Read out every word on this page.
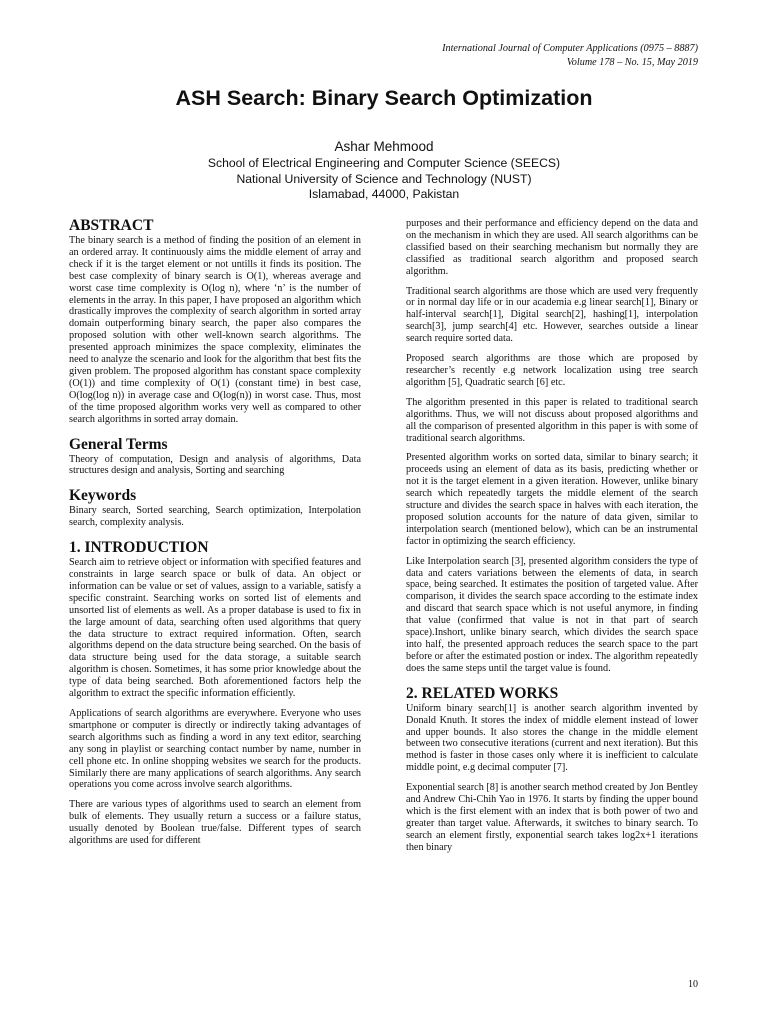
International Journal of Computer Applications (0975 – 8887)
Volume 178 – No. 15, May 2019
ASH Search: Binary Search Optimization
Ashar Mehmood
School of Electrical Engineering and Computer Science (SEECS)
National University of Science and Technology (NUST)
Islamabad, 44000, Pakistan
ABSTRACT

The binary search is a method of finding the position of an element in an ordered array. It continuously aims the middle element of array and check if it is the target element or not untills it finds its position. The best case complexity of binary search is O(1), whereas average and worst case time complexity is O(log n), where ‘n’ is the number of elements in the array. In this paper, I have proposed an algorithm which drastically improves the complexity of search algorithm in sorted array domain outperforming binary search, the paper also compares the proposed solution with other well-known search algorithms. The presented approach minimizes the space complexity, eliminates the need to analyze the scenario and look for the algorithm that best fits the given problem. The proposed algorithm has constant space complexity (O(1)) and time complexity of O(1) (constant time) in best case, O(log(log n)) in average case and O(log(n)) in worst case. Thus, most of the time proposed algorithm works very well as compared to other search algorithms in sorted array domain.

General Terms

Theory of computation, Design and analysis of algorithms, Data structures design and analysis, Sorting and searching

Keywords

Binary search, Sorted searching, Search optimization, Interpolation search, complexity analysis.

1. INTRODUCTION

Search aim to retrieve object or information with specified features and constraints in large search space or bulk of data. An object or information can be value or set of values, assign to a variable, satisfy a specific constraint. Searching works on sorted list of elements and unsorted list of elements as well. As a proper database is used to fix in the large amount of data, searching often used algorithms that query the data structure to extract required information. Often, search algorithms depend on the data structure being searched. On the basis of data structure being used for the data storage, a suitable search algorithm is chosen. Sometimes, it has some prior knowledge about the type of data being searched. Both aforementioned factors help the algorithm to extract the specific information efficiently.

Applications of search algorithms are everywhere. Everyone who uses smartphone or computer is directly or indirectly taking advantages of search algorithms such as finding a word in any text editor, searching any song in playlist or searching contact number by name, number in cell phone etc. In online shopping websites we search for the products. Similarly there are many applications of search algorithms. Any search operations you come across involve search algorithms.

There are various types of algorithms used to search an element from bulk of elements. They usually return a success or a failure status, usually denoted by Boolean true/false. Different types of search algorithms are used for different

purposes and their performance and efficiency depend on the data and on the mechanism in which they are used. All search algorithms can be classified based on their searching mechanism but normally they are classified as traditional search algorithm and proposed search algorithm.

Traditional search algorithms are those which are used very frequently or in normal day life or in our academia e.g linear search[1], Binary or half-interval search[1], Digital search[2], hashing[1], interpolation search[3], jump search[4] etc. However, searches outside a linear search require sorted data.

Proposed search algorithms are those which are proposed by researcher’s recently e.g network localization using tree search algorithm [5], Quadratic search [6] etc.

The algorithm presented in this paper is related to traditional search algorithms. Thus, we will not discuss about proposed algorithms and all the comparison of presented algorithm in this paper is with some of traditional search algorithms.

Presented algorithm works on sorted data, similar to binary search; it proceeds using an element of data as its basis, predicting whether or not it is the target element in a given iteration. However, unlike binary search which repeatedly targets the middle element of the search structure and divides the search space in halves with each iteration, the proposed solution accounts for the nature of data given, similar to interpolation search (mentioned below), which can be an instrumental factor in optimizing the search efficiency.

Like Interpolation search [3], presented algorithm considers the type of data and caters variations between the elements of data, in search space, being searched. It estimates the position of targeted value. After comparison, it divides the search space according to the estimate index and discard that search space which is not useful anymore, in finding that value (confirmed that value is not in that part of search space).Inshort, unlike binary search, which divides the search space into half, the presented approach reduces the search space to the part before or after the estimated postion or index. The algorithm repeatedly does the same steps until the target value is found.

2. RELATED WORKS

Uniform binary search[1] is another search algorithm invented by Donald Knuth. It stores the index of middle element instead of lower and upper bounds. It also stores the change in the middle element between two consecutive iterations (current and next iteration). But this method is faster in those cases only where it is inefficient to calculate middle point, e.g decimal computer [7].

Exponential search [8] is another search method created by Jon Bentley and Andrew Chi-Chih Yao in 1976. It starts by finding the upper bound which is the first element with an index that is both power of two and greater than target value. Afterwards, it switches to binary search. To search an element firstly, exponential search takes log2x+1 iterations then binary

10
